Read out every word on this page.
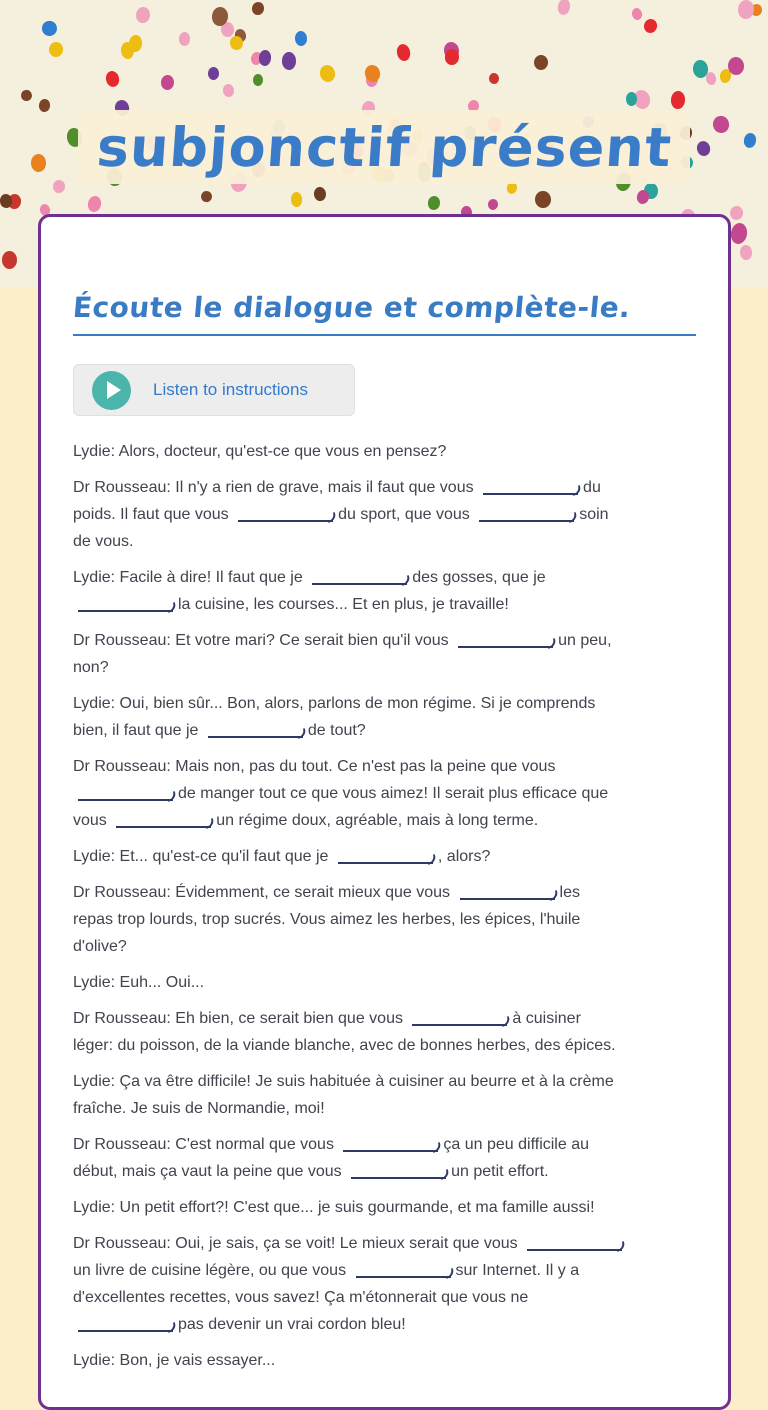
subjonctif présent
Écoute le dialogue et complète-le.
Listen to instructions

Lydie: Alors, docteur, qu'est-ce que vous en pensez?

Dr Rousseau: Il n'y a rien de grave, mais il faut que vous	du
poids. Il faut que vous	du sport, que vous	soin
de vous.

Lydie: Facile à dire! Il faut que je	des gosses, que je
la cuisine, les courses... Et en plus, je travaille!

Dr Rousseau: Et votre mari? Ce serait bien qu'il vous	un peu,
non?

Lydie: Oui, bien sûr... Bon, alors, parlons de mon régime. Si je comprends
bien, il faut que je	de tout?

Dr Rousseau: Mais non, pas du tout. Ce n'est pas la peine que vous
de manger tout ce que vous aimez! Il serait plus efficace que
vous	un régime doux, agréable, mais à long terme.

Lydie: Et... qu'est-ce qu'il faut que je	, alors?

Dr Rousseau: Évidemment, ce serait mieux que vous	les
repas trop lourds, trop sucrés. Vous aimez les herbes, les épices, l'huile
d'olive?

Lydie: Euh... Oui...

Dr Rousseau: Eh bien, ce serait bien que vous	à cuisiner
léger: du poisson, de la viande blanche, avec de bonnes herbes, des épices.

Lydie: Ça va être difficile! Je suis habituée à cuisiner au beurre et à la crème
fraîche. Je suis de Normandie, moi!

Dr Rousseau: C'est normal que vous	ça un peu difficile au
début, mais ça vaut la peine que vous	un petit effort.

Lydie: Un petit effort?! C'est que... je suis gourmande, et ma famille aussi!

Dr Rousseau: Oui, je sais, ça se voit! Le mieux serait que vous
un livre de cuisine légère, ou que vous	sur Internet. Il y a
d'excellentes recettes, vous savez! Ça m'étonnerait que vous ne
pas devenir un vrai cordon bleu!

Lydie: Bon, je vais essayer...
